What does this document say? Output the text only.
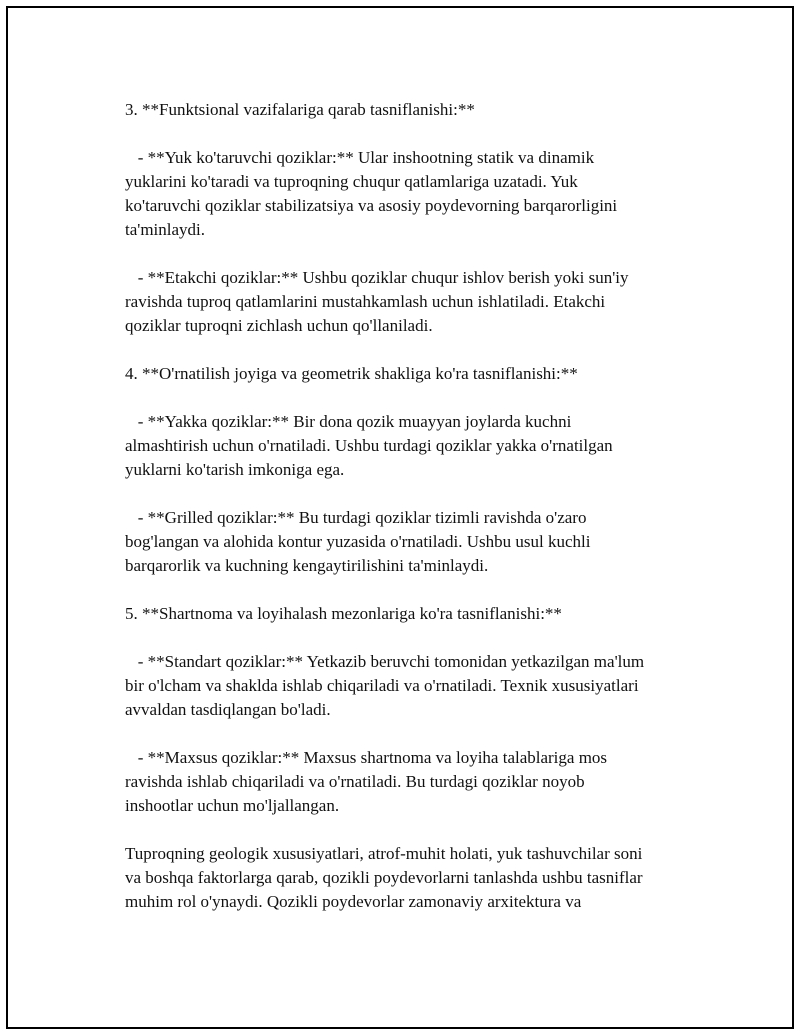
3. **Funktsional vazifalariga qarab tasniflanishi:**
- **Yuk ko'taruvchi qoziklar:** Ular inshootning statik va dinamik
yuklarini ko'taradi va tuproqning chuqur qatlamlariga uzatadi. Yuk
ko'taruvchi qoziklar stabilizatsiya va asosiy poydevorning barqarorligini
ta'minlaydi.
- **Etakchi qoziklar:** Ushbu qoziklar chuqur ishlov berish yoki sun'iy
ravishda tuproq qatlamlarini mustahkamlash uchun ishlatiladi. Etakchi
qoziklar tuproqni zichlash uchun qo'llaniladi.
4. **O'rnatilish joyiga va geometrik shakliga ko'ra tasniflanishi:**
- **Yakka qoziklar:** Bir dona qozik muayyan joylarda kuchni
almashtirish uchun o'rnatiladi. Ushbu turdagi qoziklar yakka o'rnatilgan
yuklarni ko'tarish imkoniga ega.
- **Grilled qoziklar:** Bu turdagi qoziklar tizimli ravishda o'zaro
bog'langan va alohida kontur yuzasida o'rnatiladi. Ushbu usul kuchli
barqarorlik va kuchning kengaytirilishini ta'minlaydi.
5. **Shartnoma va loyihalash mezonlariga ko'ra tasniflanishi:**
- **Standart qoziklar:** Yetkazib beruvchi tomonidan yetkazilgan ma'lum
bir o'lcham va shaklda ishlab chiqariladi va o'rnatiladi. Texnik xususiyatlari
avvaldan tasdiqlangan bo'ladi.
- **Maxsus qoziklar:** Maxsus shartnoma va loyiha talablariga mos
ravishda ishlab chiqariladi va o'rnatiladi. Bu turdagi qoziklar noyob
inshootlar uchun mo'ljallangan.
Tuproqning geologik xususiyatlari, atrof-muhit holati, yuk tashuvchilar soni
va boshqa faktorlarga qarab, qozikli poydevorlarni tanlashda ushbu tasniflar
muhim rol o'ynaydi. Qozikli poydevorlar zamonaviy arxitektura va
